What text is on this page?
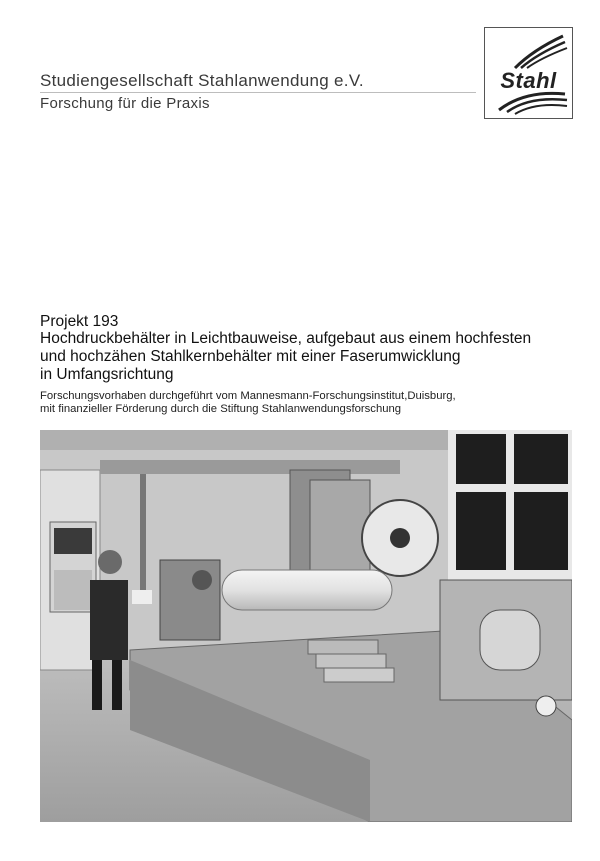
Studiengesellschaft Stahlanwendung e.V.
Forschung für die Praxis
Stahl
Projekt 193
Hochdruckbehälter in Leichtbauweise, aufgebaut aus einem hochfesten
und hochzähen Stahlkernbehälter mit einer Faserumwicklung
in Umfangsrichtung
Forschungsvorhaben durchgeführt vom Mannesmann-Forschungsinstitut,Duisburg,
mit finanzieller Förderung durch die Stiftung Stahlanwendungsforschung
